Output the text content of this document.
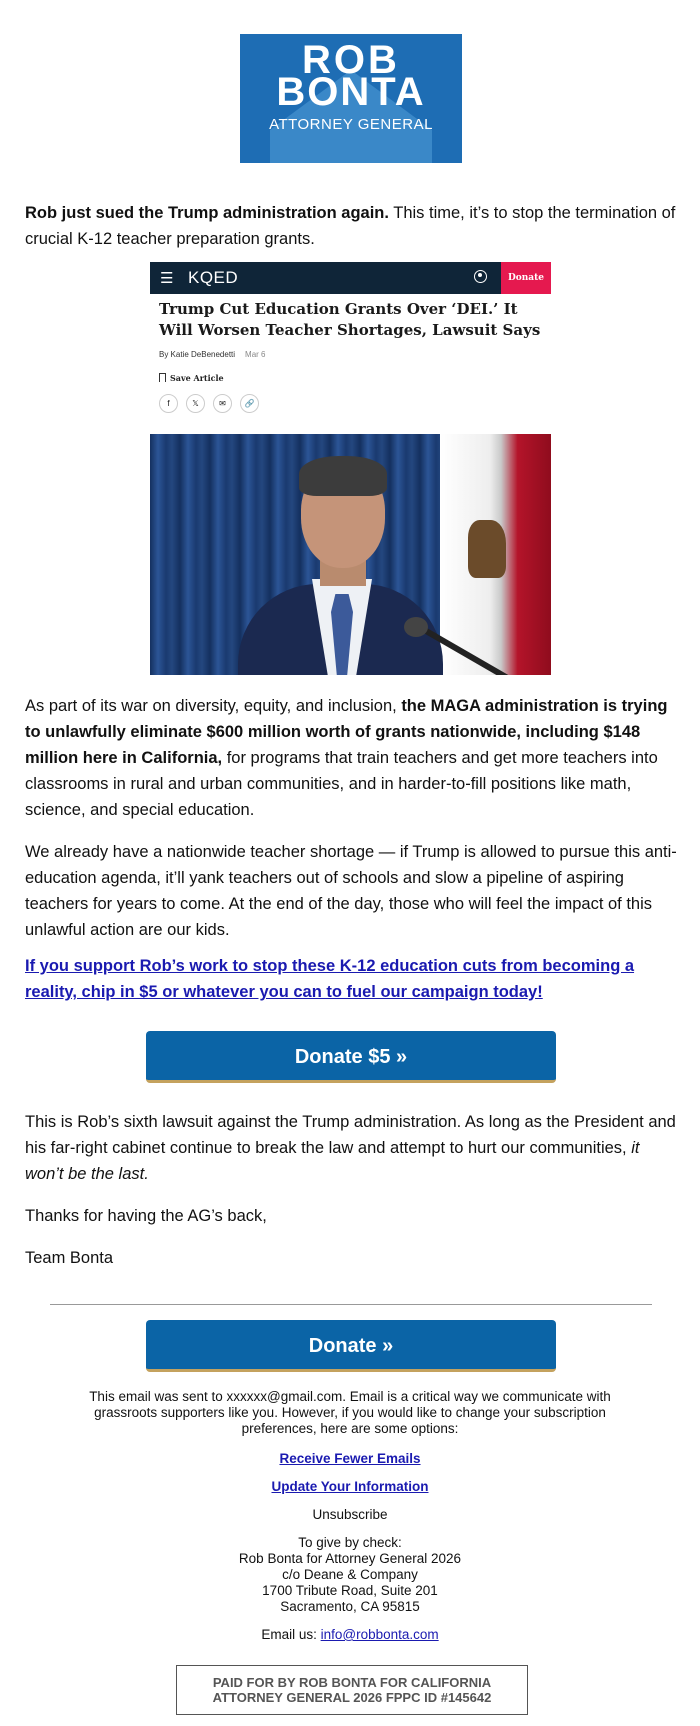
ROB
BONTA
ATTORNEY GENERAL

Rob just sued the Trump administration again. This time, it’s to stop the termination of crucial K-12 teacher preparation grants.

☰ KQED	Donate
Trump Cut Education Grants Over ‘DEI.’ It Will Worsen Teacher Shortages, Lawsuit Says
By Katie DeBenedetti Mar 6
Save Article
f	𝕏	✉	🔗

As part of its war on diversity, equity, and inclusion, the MAGA administration is trying to unlawfully eliminate $600 million worth of grants nationwide, including $148 million here in California, for programs that train teachers and get more teachers into classrooms in rural and urban communities, and in harder-to-fill positions like math, science, and special education.

We already have a nationwide teacher shortage — if Trump is allowed to pursue this anti-education agenda, it’ll yank teachers out of schools and slow a pipeline of aspiring teachers for years to come. At the end of the day, those who will feel the impact of this unlawful action are our kids.

If you support Rob’s work to stop these K-12 education cuts from becoming a reality, chip in $5 or whatever you can to fuel our campaign today!
Donate $5 »

This is Rob’s sixth lawsuit against the Trump administration. As long as the President and his far-right cabinet continue to break the law and attempt to hurt our communities, it won’t be the last.

Thanks for having the AG’s back,

Team Bonta

Donate »

This email was sent to xxxxxx@gmail.com. Email is a critical way we communicate with grassroots supporters like you. However, if you would like to change your subscription preferences, here are some options:

Receive Fewer Emails

Update Your Information

Unsubscribe

To give by check:
Rob Bonta for Attorney General 2026
c/o Deane & Company
1700 Tribute Road, Suite 201
Sacramento, CA 95815

Email us: info@robbonta.com

PAID FOR BY ROB BONTA FOR CALIFORNIA
ATTORNEY GENERAL 2026 FPPC ID #145642
